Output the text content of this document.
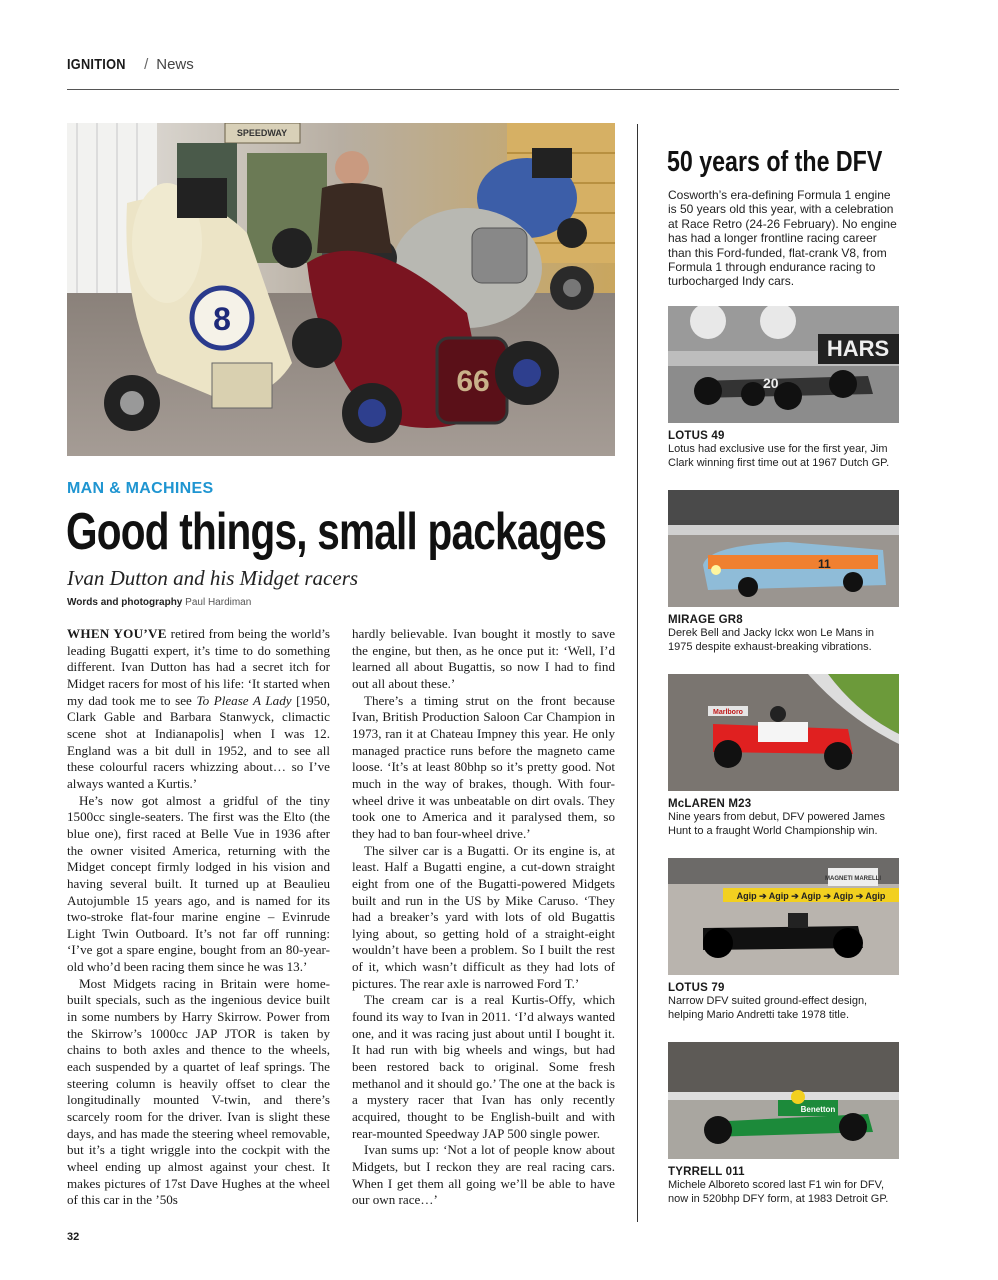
IGNITION / News
SPEEDWAY
66
8
MAN & MACHINES
Good things, small packages
Ivan Dutton and his Midget racers
Words and photography Paul Hardiman

WHEN YOU’VE retired from being the world’s leading Bugatti expert, it’s time to do something different. Ivan Dutton has had a secret itch for Midget racers for most of his life: ‘It started when my dad took me to see To Please A Lady [1950, Clark Gable and Barbara Stanwyck, climactic scene shot at Indianapolis] when I was 12. England was a bit dull in 1952, and to see all these colourful racers whizzing about… so I’ve always wanted a Kurtis.’

He’s now got almost a gridful of the tiny 1500cc single-seaters. The first was the Elto (the blue one), first raced at Belle Vue in 1936 after the owner visited America, returning with the Midget concept firmly lodged in his vision and having several built. It turned up at Beaulieu Autojumble 15 years ago, and is named for its two-stroke flat-four marine engine – Evinrude Light Twin Outboard. It’s not far off running: ‘I’ve got a spare engine, bought from an 80-year-old who’d been racing them since he was 13.’

Most Midgets racing in Britain were home-built specials, such as the ingenious device built in some numbers by Harry Skirrow. Power from the Skirrow’s 1000cc JAP JTOR is taken by chains to both axles and thence to the wheels, each suspended by a quartet of leaf springs. The steering column is heavily offset to clear the longitudinally mounted V-twin, and there’s scarcely room for the driver. Ivan is slight these days, and has made the steering wheel removable, but it’s a tight wriggle into the cockpit with the wheel ending up almost against your chest. It makes pictures of 17st Dave Hughes at the wheel of this car in the ’50s

hardly believable. Ivan bought it mostly to save the engine, but then, as he once put it: ‘Well, I’d learned all about Bugattis, so now I had to find out all about these.’

There’s a timing strut on the front because Ivan, British Production Saloon Car Champion in 1973, ran it at Chateau Impney this year. He only managed practice runs before the magneto came loose. ‘It’s at least 80bhp so it’s pretty good. Not much in the way of brakes, though. With four-wheel drive it was unbeatable on dirt ovals. They took one to America and it paralysed them, so they had to ban four-wheel drive.’

The silver car is a Bugatti. Or its engine is, at least. Half a Bugatti engine, a cut-down straight eight from one of the Bugatti-powered Midgets built and run in the US by Mike Caruso. ‘They had a breaker’s yard with lots of old Bugattis lying about, so getting hold of a straight-eight wouldn’t have been a problem. So I built the rest of it, which wasn’t difficult as they had lots of pictures. The rear axle is narrowed Ford T.’

The cream car is a real Kurtis-Offy, which found its way to Ivan in 2011. ‘I’d always wanted one, and it was racing just about until I bought it. It had run with big wheels and wings, but had been restored back to original. Some fresh methanol and it should go.’ The one at the back is a mystery racer that Ivan has only recently acquired, thought to be English-built and with rear-mounted Speedway JAP 500 single power.

Ivan sums up: ‘Not a lot of people know about Midgets, but I reckon they are real racing cars. When I get them all going we’ll be able to have our own race…’

50 years of the DFV
Cosworth’s era-defining Formula 1 engine is 50 years old this year, with a celebration at Race Retro (24-26 February). No engine has had a longer frontline racing career than this Ford-funded, flat-crank V8, from Formula 1 through endurance racing to turbocharged Indy cars.
HARS
20
LOTUS 49
Lotus had exclusive use for the first year, Jim Clark winning first time out at 1967 Dutch GP.
11
MIRAGE GR8
Derek Bell and Jacky Ickx won Le Mans in 1975 despite exhaust-breaking vibrations.
Marlboro
McLAREN M23
Nine years from debut, DFV powered James Hunt to a fraught World Championship win.
MAGNETI MARELLI
Agip ➔ Agip ➔ Agip ➔ Agip ➔ Agip
LOTUS 79
Narrow DFV suited ground-effect design, helping Mario Andretti take 1978 title.
Benetton
TYRRELL 011
Michele Alboreto scored last F1 win for DFV, now in 520bhp DFY form, at 1983 Detroit GP.
32
